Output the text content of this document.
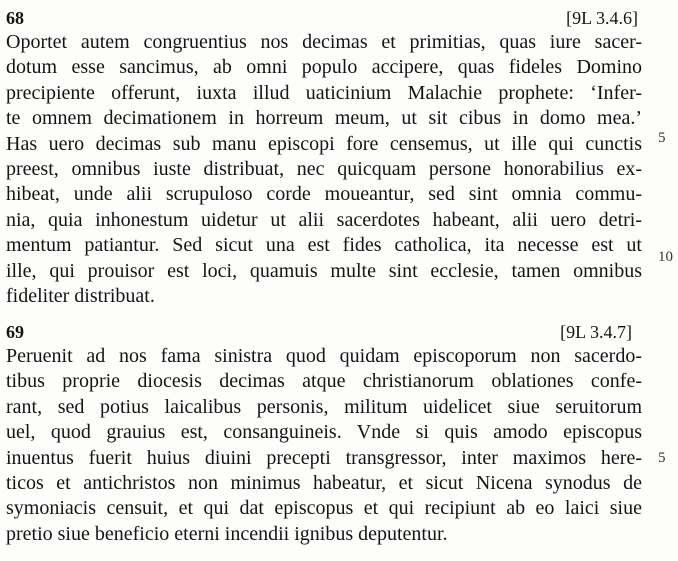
68	[9L 3.4.6]
Oportet autem congruentius nos decimas et primitias, quas iure sacer-
dotum esse sancimus, ab omni populo accipere, quas fideles Domino
precipiente offerunt, iuxta illud uaticinium Malachie prophete: ‘Infer-
te omnem decimationem in horreum meum, ut sit cibus in domo mea.’
Has uero decimas sub manu episcopi fore censemus, ut ille qui cunctis
preest, omnibus iuste distribuat, nec quicquam persone honorabilius ex-
hibeat, unde alii scrupuloso corde moueantur, sed sint omnia commu-
nia, quia inhonestum uidetur ut alii sacerdotes habeant, alii uero detri-
mentum patiantur. Sed sicut una est fides catholica, ita necesse est ut
ille, qui prouisor est loci, quamuis multe sint ecclesie, tamen omnibus
fideliter distribuat.
5
10
69	[9L 3.4.7]
Peruenit ad nos fama sinistra quod quidam episcoporum non sacerdo-
tibus proprie diocesis decimas atque christianorum oblationes confe-
rant, sed potius laicalibus personis, militum uidelicet siue seruitorum
uel, quod grauius est, consanguineis. Vnde si quis amodo episcopus
inuentus fuerit huius diuini precepti transgressor, inter maximos here-
ticos et antichristos non minimus habeatur, et sicut Nicena synodus de
symoniacis censuit, et qui dat episcopus et qui recipiunt ab eo laici siue
pretio siue beneficio eterni incendii ignibus deputentur.
5
